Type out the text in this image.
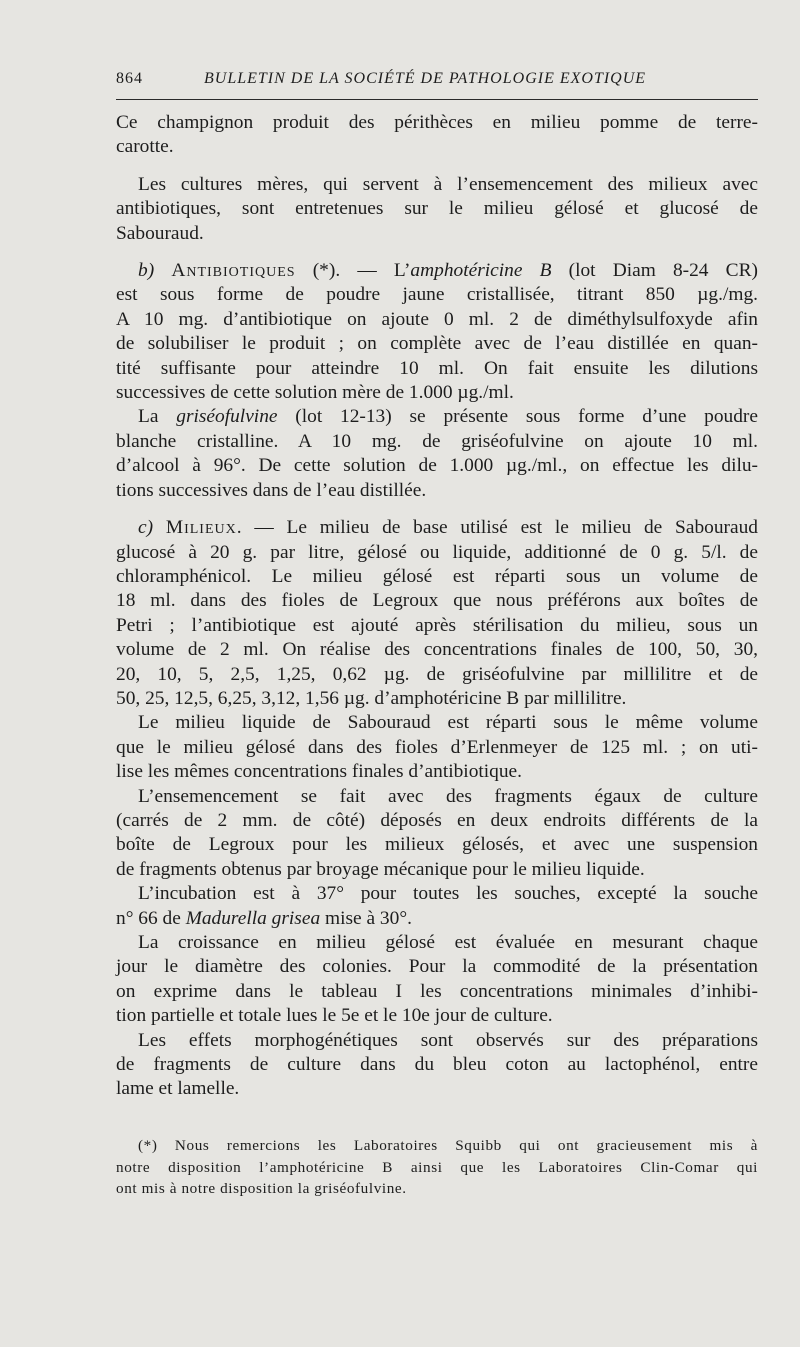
864	BULLETIN DE LA SOCIÉTÉ DE PATHOLOGIE EXOTIQUE
Ce champignon produit des périthèces en milieu pomme de terre-
carotte.
Les cultures mères, qui servent à l’ensemencement des milieux avec
antibiotiques, sont entretenues sur le milieu gélosé et glucosé de
Sabouraud.
b) Antibiotiques (*). — L’amphotéricine B (lot Diam 8-24 CR)
est sous forme de poudre jaune cristallisée, titrant 850 µg./mg.
A 10 mg. d’antibiotique on ajoute 0 ml. 2 de diméthylsulfoxyde afin
de solubiliser le produit ; on complète avec de l’eau distillée en quan-
tité suffisante pour atteindre 10 ml. On fait ensuite les dilutions
successives de cette solution mère de 1.000 µg./ml.
La griséofulvine (lot 12-13) se présente sous forme d’une poudre
blanche cristalline. A 10 mg. de griséofulvine on ajoute 10 ml.
d’alcool à 96°. De cette solution de 1.000 µg./ml., on effectue les dilu-
tions successives dans de l’eau distillée.
c) Milieux. — Le milieu de base utilisé est le milieu de Sabouraud
glucosé à 20 g. par litre, gélosé ou liquide, additionné de 0 g. 5/l. de
chloramphénicol. Le milieu gélosé est réparti sous un volume de
18 ml. dans des fioles de Legroux que nous préférons aux boîtes de
Petri ; l’antibiotique est ajouté après stérilisation du milieu, sous un
volume de 2 ml. On réalise des concentrations finales de 100, 50, 30,
20, 10, 5, 2,5, 1,25, 0,62 µg. de griséofulvine par millilitre et de
50, 25, 12,5, 6,25, 3,12, 1,56 µg. d’amphotéricine B par millilitre.
Le milieu liquide de Sabouraud est réparti sous le même volume
que le milieu gélosé dans des fioles d’Erlenmeyer de 125 ml. ; on uti-
lise les mêmes concentrations finales d’antibiotique.
L’ensemencement se fait avec des fragments égaux de culture
(carrés de 2 mm. de côté) déposés en deux endroits différents de la
boîte de Legroux pour les milieux gélosés, et avec une suspension
de fragments obtenus par broyage mécanique pour le milieu liquide.
L’incubation est à 37° pour toutes les souches, excepté la souche
n° 66 de Madurella grisea mise à 30°.
La croissance en milieu gélosé est évaluée en mesurant chaque
jour le diamètre des colonies. Pour la commodité de la présentation
on exprime dans le tableau I les concentrations minimales d’inhibi-
tion partielle et totale lues le 5e et le 10e jour de culture.
Les effets morphogénétiques sont observés sur des préparations
de fragments de culture dans du bleu coton au lactophénol, entre
lame et lamelle.
(*) Nous remercions les Laboratoires Squibb qui ont gracieusement mis à
notre disposition l’amphotéricine B ainsi que les Laboratoires Clin-Comar qui
ont mis à notre disposition la griséofulvine.
